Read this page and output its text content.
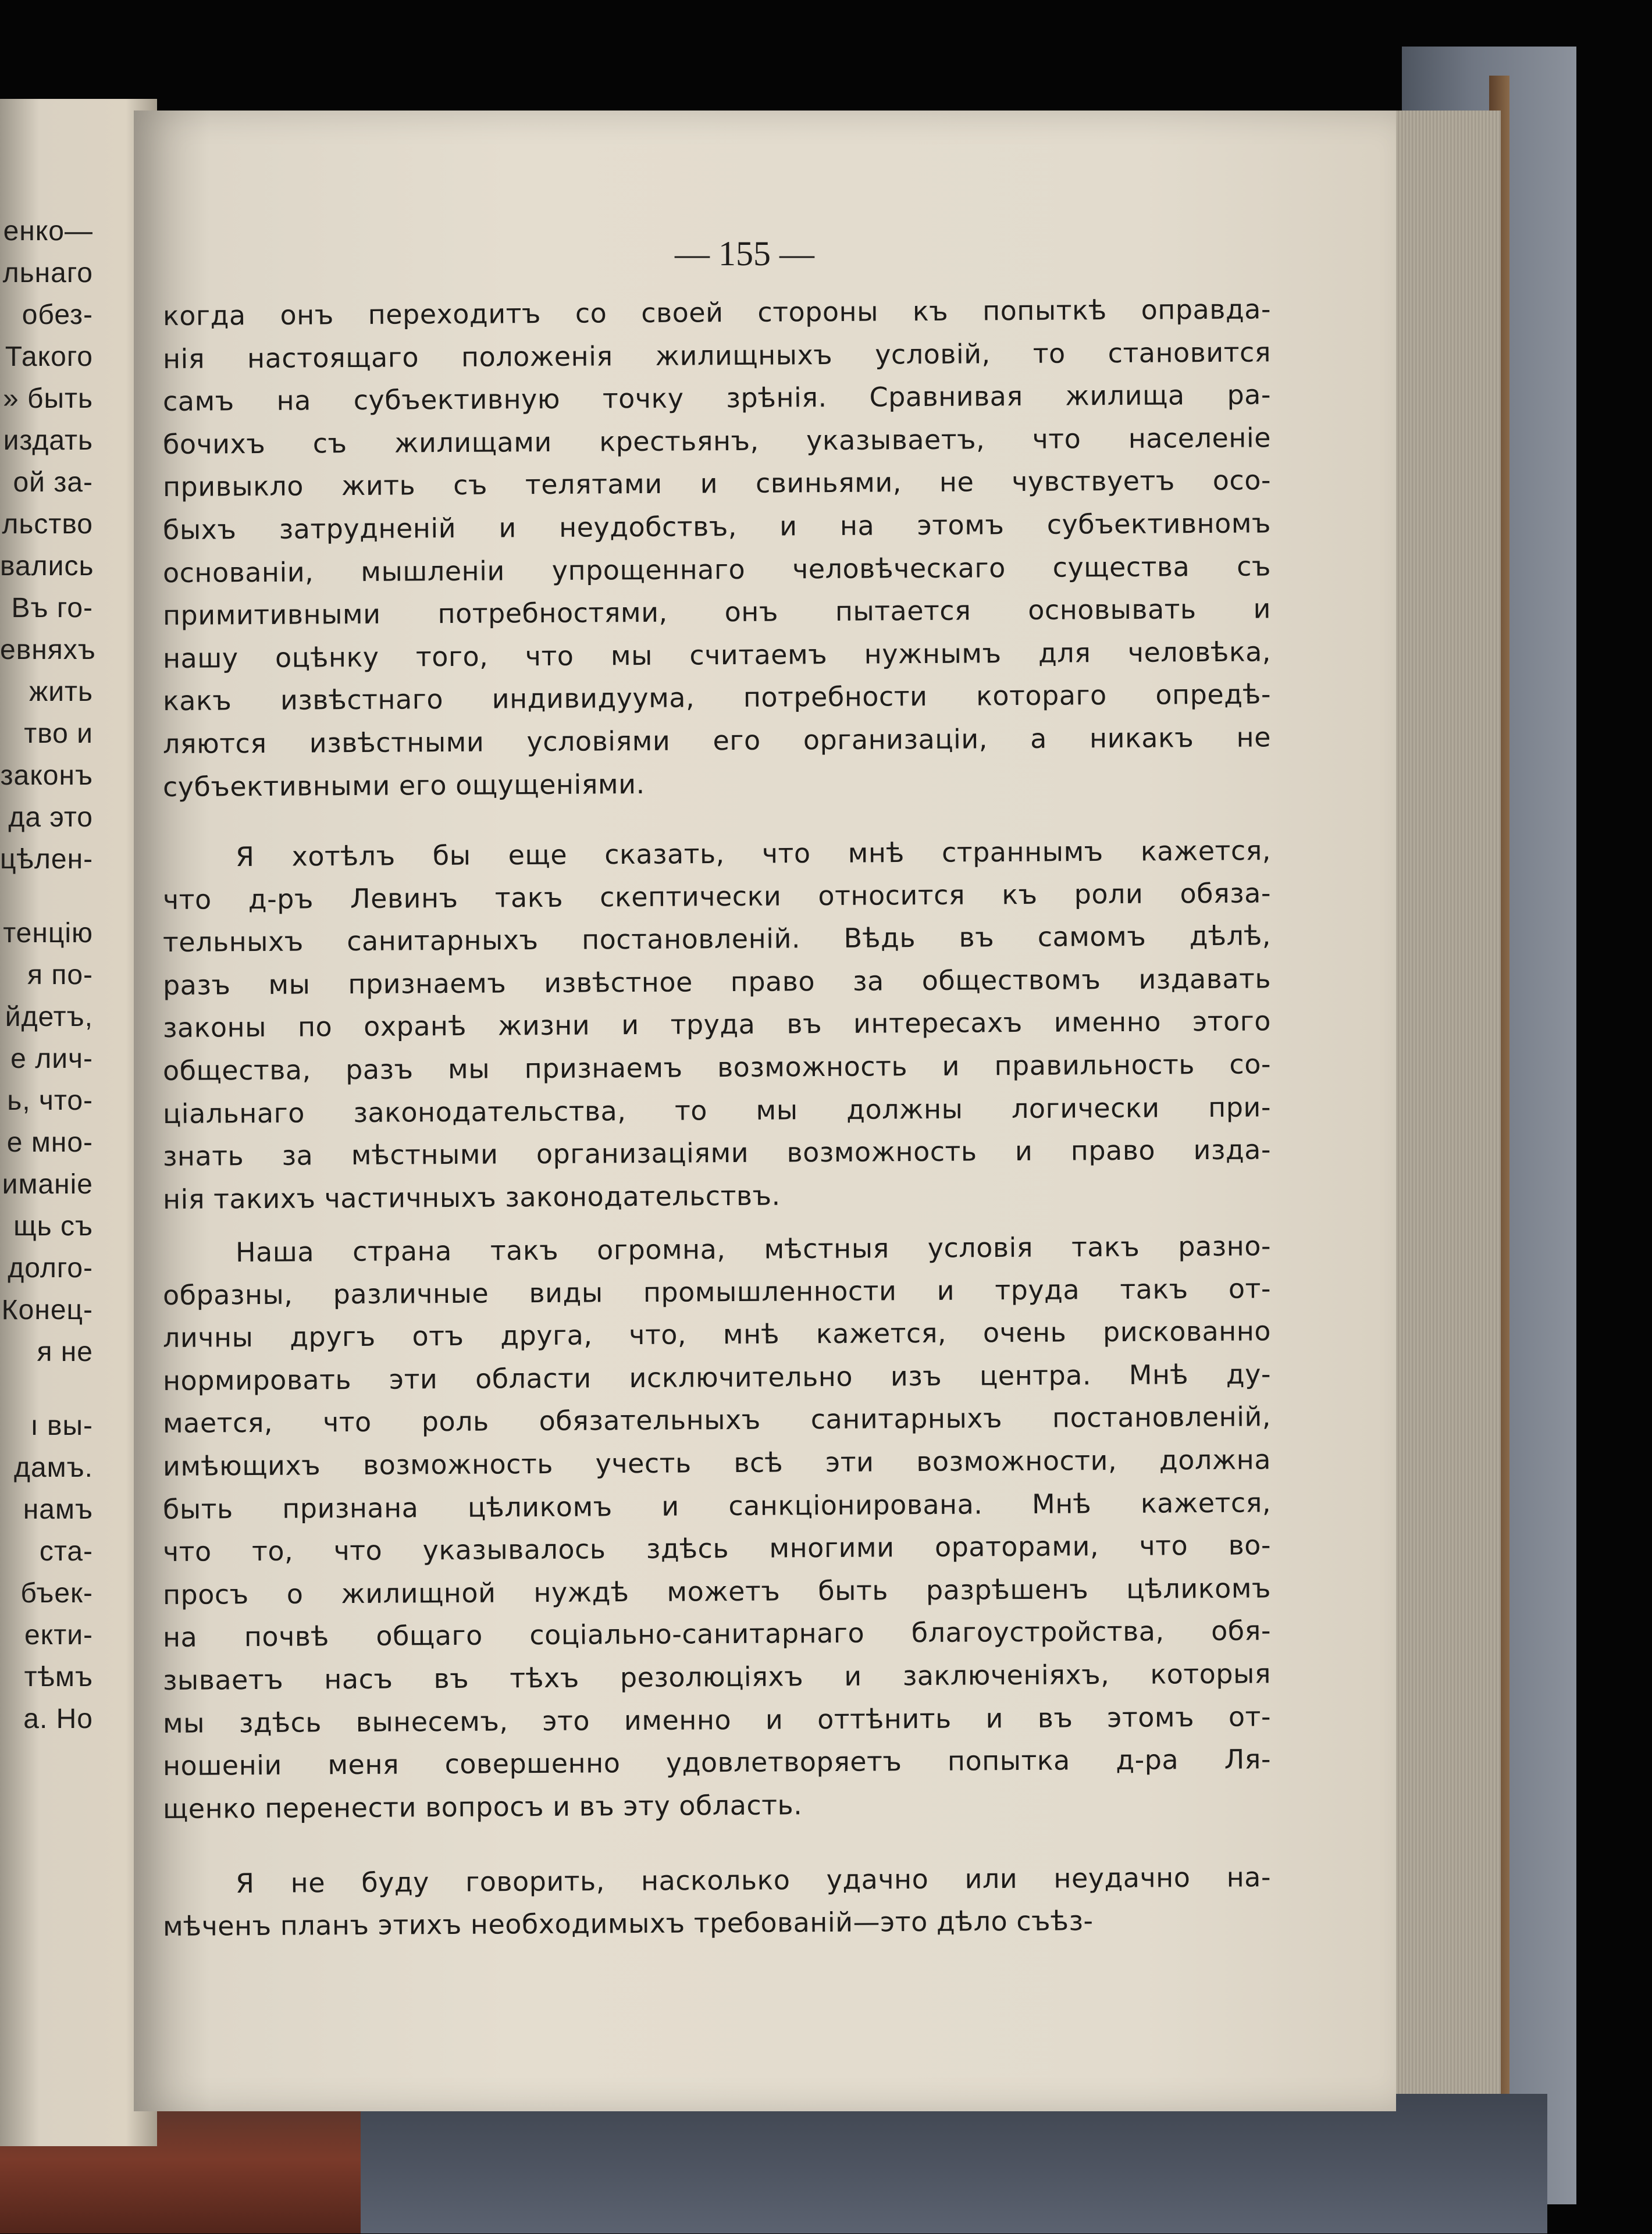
енко—
льнаго
обез-
Такого
» быть
издать
ой за-
льство
вались
Въ го-
евняхъ
жить
тво и
законъ
да это
цѣлен-
тенцію
я по-
йдетъ,
е лич-
ь, что-
е мно-
иманіе
щь съ
долго-
Конец-
я не
ı вы-
дамъ.
намъ
ста-
бъек-
екти-
тѣмъ
а. Но
— 155 —
когда онъ переходитъ со своей стороны къ попыткѣ оправда-
нія настоящаго положенія жилищныхъ условій, то становится
самъ на субъективную точку зрѣнія. Сравнивая жилища ра-
бочихъ съ жилищами крестьянъ, указываетъ, что населеніе
привыкло жить съ телятами и свиньями, не чувствуетъ осо-
быхъ затрудненій и неудобствъ, и на этомъ субъективномъ
основаніи, мышленіи упрощеннаго человѣческаго существа съ
примитивными потребностями, онъ пытается основывать и
нашу оцѣнку того, что мы считаемъ нужнымъ для человѣка,
какъ извѣстнаго индивидуума, потребности котораго опредѣ-
ляются извѣстными условіями его организаціи, а никакъ не
субъективными его ощущеніями.
Я хотѣлъ бы еще сказать, что мнѣ страннымъ кажется,
что д-ръ Левинъ такъ скептически относится къ роли обяза-
тельныхъ санитарныхъ постановленій. Вѣдь въ самомъ дѣлѣ,
разъ мы признаемъ извѣстное право за обществомъ издавать
законы по охранѣ жизни и труда въ интересахъ именно этого
общества, разъ мы признаемъ возможность и правильность со-
ціальнаго законодательства, то мы должны логически при-
знать за мѣстными организаціями возможность и право изда-
нія такихъ частичныхъ законодательствъ.
Наша страна такъ огромна, мѣстныя условія такъ разно-
образны, различные виды промышленности и труда такъ от-
личны другъ отъ друга, что, мнѣ кажется, очень рискованно
нормировать эти области исключительно изъ центра. Мнѣ ду-
мается, что роль обязательныхъ санитарныхъ постановленій,
имѣющихъ возможность учесть всѣ эти возможности, должна
быть признана цѣликомъ и санкціонирована. Мнѣ кажется,
что то, что указывалось здѣсь многими ораторами, что во-
просъ о жилищной нуждѣ можетъ быть разрѣшенъ цѣликомъ
на почвѣ общаго соціально-санитарнаго благоустройства, обя-
зываетъ насъ въ тѣхъ резолюціяхъ и заключеніяхъ, которыя
мы здѣсь вынесемъ, это именно и оттѣнить и въ этомъ от-
ношеніи меня совершенно удовлетворяетъ попытка д-ра Ля-
щенко перенести вопросъ и въ эту область.
Я не буду говорить, насколько удачно или неудачно на-
мѣченъ планъ этихъ необходимыхъ требованій—это дѣло съѣз-
